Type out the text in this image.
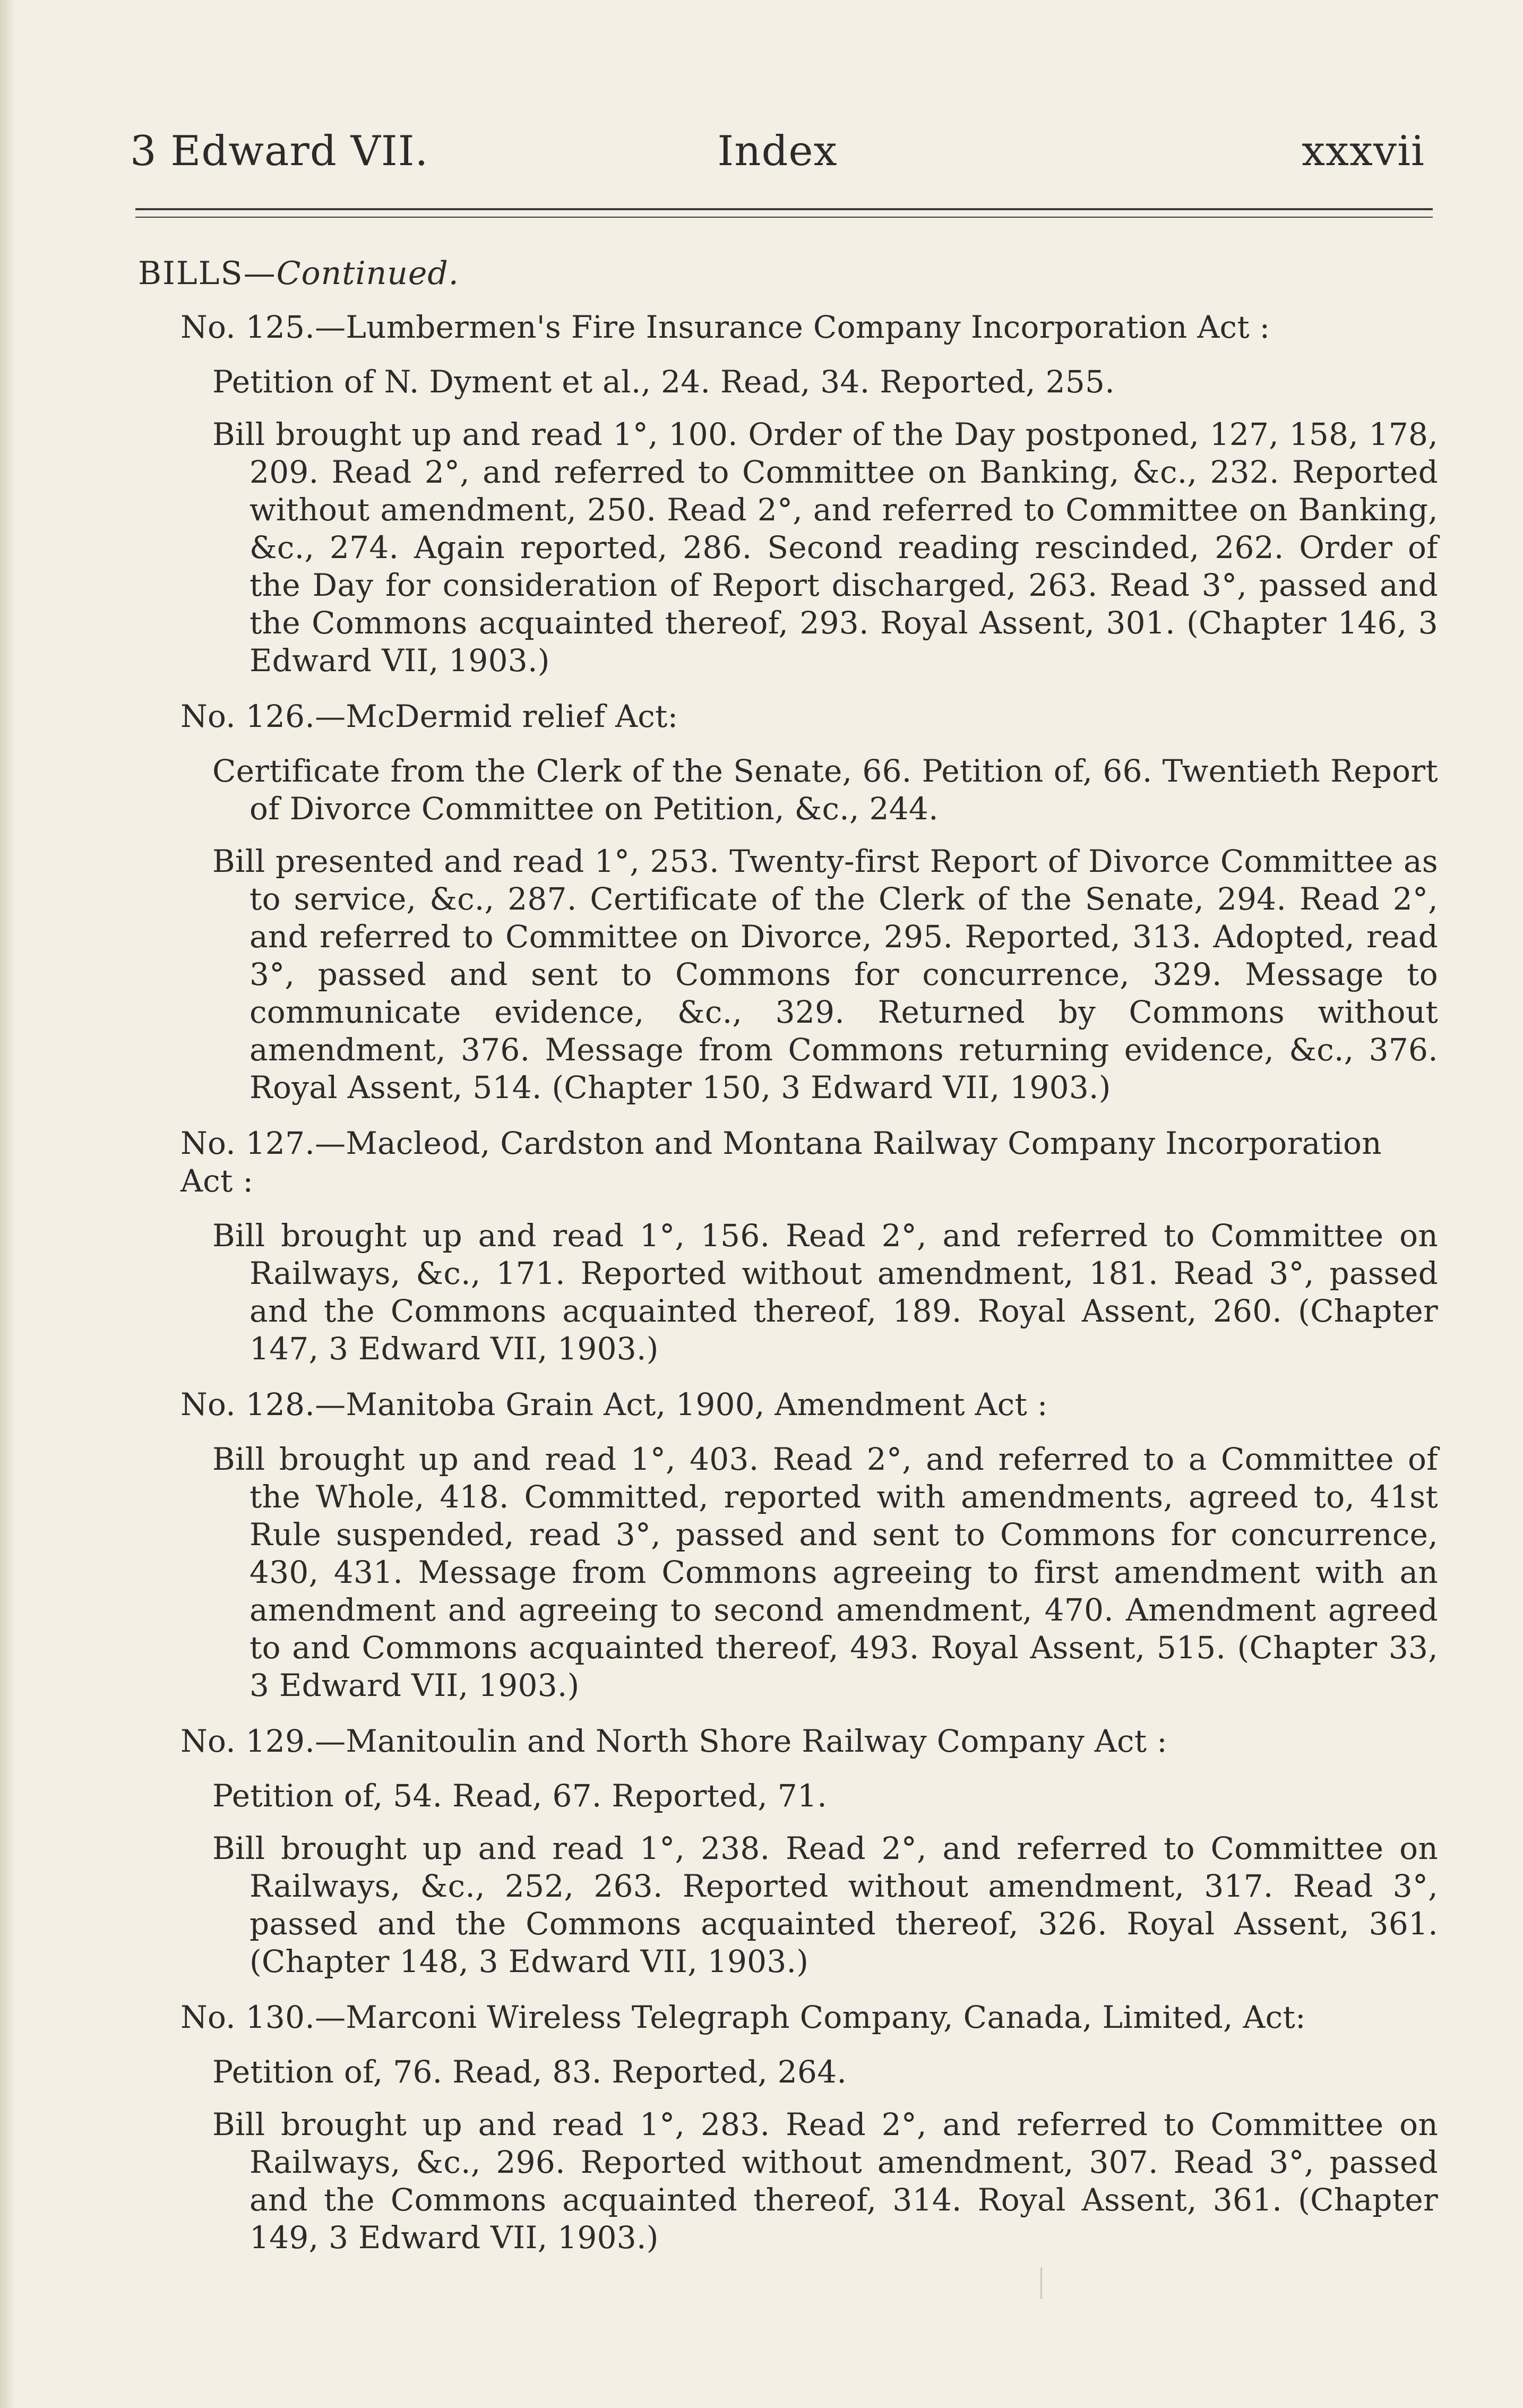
3 Edward VII.	Index	xxxvii
BILLS—Continued.
No. 125.—Lumbermen's Fire Insurance Company Incorporation Act :
Petition of N. Dyment et al., 24. Read, 34. Reported, 255.
Bill brought up and read 1°, 100. Order of the Day postponed, 127, 158, 178, 209. Read 2°, and referred to Committee on Banking, &c., 232. Reported without amendment, 250. Read 2°, and referred to Committee on Banking, &c., 274. Again reported, 286. Second reading rescinded, 262. Order of the Day for consideration of Report discharged, 263. Read 3°, passed and the Commons acquainted thereof, 293. Royal Assent, 301. (Chapter 146, 3 Edward VII, 1903.)
No. 126.—McDermid relief Act:
Certificate from the Clerk of the Senate, 66. Petition of, 66. Twentieth Report of Divorce Committee on Petition, &c., 244.
Bill presented and read 1°, 253. Twenty-first Report of Divorce Committee as to service, &c., 287. Certificate of the Clerk of the Senate, 294. Read 2°, and referred to Committee on Divorce, 295. Reported, 313. Adopted, read 3°, passed and sent to Commons for concurrence, 329. Message to communicate evidence, &c., 329. Returned by Commons without amendment, 376. Message from Commons returning evidence, &c., 376. Royal Assent, 514. (Chapter 150, 3 Edward VII, 1903.)
No. 127.—Macleod, Cardston and Montana Railway Company Incorporation Act :
Bill brought up and read 1°, 156. Read 2°, and referred to Committee on Railways, &c., 171. Reported without amendment, 181. Read 3°, passed and the Commons acquainted thereof, 189. Royal Assent, 260. (Chapter 147, 3 Edward VII, 1903.)
No. 128.—Manitoba Grain Act, 1900, Amendment Act :
Bill brought up and read 1°, 403. Read 2°, and referred to a Committee of the Whole, 418. Committed, reported with amendments, agreed to, 41st Rule suspended, read 3°, passed and sent to Commons for concurrence, 430, 431. Message from Commons agreeing to first amendment with an amendment and agreeing to second amendment, 470. Amendment agreed to and Commons acquainted thereof, 493. Royal Assent, 515. (Chapter 33, 3 Edward VII, 1903.)
No. 129.—Manitoulin and North Shore Railway Company Act :
Petition of, 54. Read, 67. Reported, 71.
Bill brought up and read 1°, 238. Read 2°, and referred to Committee on Railways, &c., 252, 263. Reported without amendment, 317. Read 3°, passed and the Commons acquainted thereof, 326. Royal Assent, 361. (Chapter 148, 3 Edward VII, 1903.)
No. 130.—Marconi Wireless Telegraph Company, Canada, Limited, Act:
Petition of, 76. Read, 83. Reported, 264.
Bill brought up and read 1°, 283. Read 2°, and referred to Committee on Railways, &c., 296. Reported without amendment, 307. Read 3°, passed and the Commons acquainted thereof, 314. Royal Assent, 361. (Chapter 149, 3 Edward VII, 1903.)
